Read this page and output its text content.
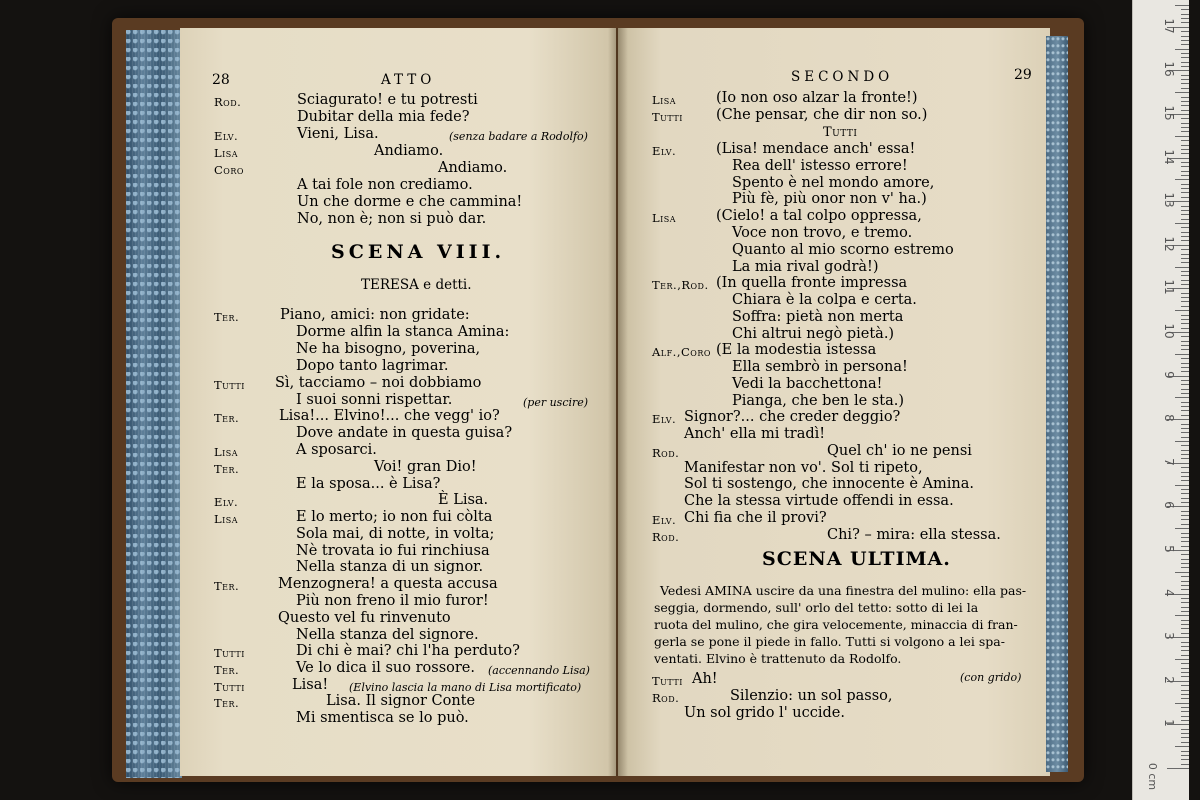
28	ATTO	SECONDO	29
0 cm
1
2
3
4
5
6
7
8
9
10
11
12
13
14
15
16
17
Rod.	Sciagurato! e tu potresti
Dubitar della mia fede?
Elv.	Vieni, Lisa.	(senza badare a Rodolfo)
Lisa	Andiamo.
Coro	Andiamo.
A tai fole non crediamo.
Un che dorme e che cammina!
No, non è; non si può dar.
SCENA VIII.
TERESA e detti.
Ter.	Piano, amici: non gridate:
Dorme alfin la stanca Amina:
Ne ha bisogno, poverina,
Dopo tanto lagrimar.
Tutti Sì, tacciamo – noi dobbiamo
I suoi sonni rispettar.	(per uscire)
Ter.	Lisa!... Elvino!... che vegg' io?
Dove andate in questa guisa?
Lisa	A sposarci.
Ter.	Voi! gran Dio!
E la sposa... è Lisa?
Elv.	È Lisa.
Lisa	E lo merto; io non fui còlta
Sola mai, di notte, in volta;
Nè trovata io fui rinchiusa
Nella stanza di un signor.
Ter.	Menzognera! a questa accusa
Più non freno il mio furor!
Questo vel fu rinvenuto
Nella stanza del signore.
Tutti	Di chi è mai? chi l'ha perduto?
Ter.	Ve lo dica il suo rossore. (accennando Lisa)
Tutti	Lisa! (Elvino lascia la mano di Lisa mortificato)
Ter.	Lisa. Il signor Conte
Mi smentisca se lo può.
Lisa	(Io non oso alzar la fronte!)
Tutti (Che pensar, che dir non so.)
Tutti
Elv.	(Lisa! mendace anch' essa!
Rea dell' istesso errore!
Spento è nel mondo amore,
Più fè, più onor non v' ha.)
Lisa	(Cielo! a tal colpo oppressa,
Voce non trovo, e tremo.
Quanto al mio scorno estremo
La mia rival godrà!)
Ter.,Rod. (In quella fronte impressa
Chiara è la colpa e certa.
Soffra: pietà non merta
Chi altrui negò pietà.)
Alf.,Coro (E la modestia istessa
Ella sembrò in persona!
Vedi la bacchettona!
Pianga, che ben le sta.)
Elv. Signor?... che creder deggio?
Anch' ella mi tradì!
Rod.	Quel ch' io ne pensi
Manifestar non vo'. Sol ti ripeto,
Sol ti sostengo, che innocente è Amina.
Che la stessa virtude offendi in essa.
Elv. Chi fia che il provi?
Rod.	Chi? – mira: ella stessa.
SCENA ULTIMA.
Vedesi AMINA uscire da una finestra del mulino: ella pas-
seggia, dormendo, sull' orlo del tetto: sotto di lei la
ruota del mulino, che gira velocemente, minaccia di fran-
gerla se pone il piede in fallo. Tutti si volgono a lei spa-
ventati. Elvino è trattenuto da Rodolfo.
Tutti Ah!	(con grido)
Rod.	Silenzio: un sol passo,
Un sol grido l' uccide.
